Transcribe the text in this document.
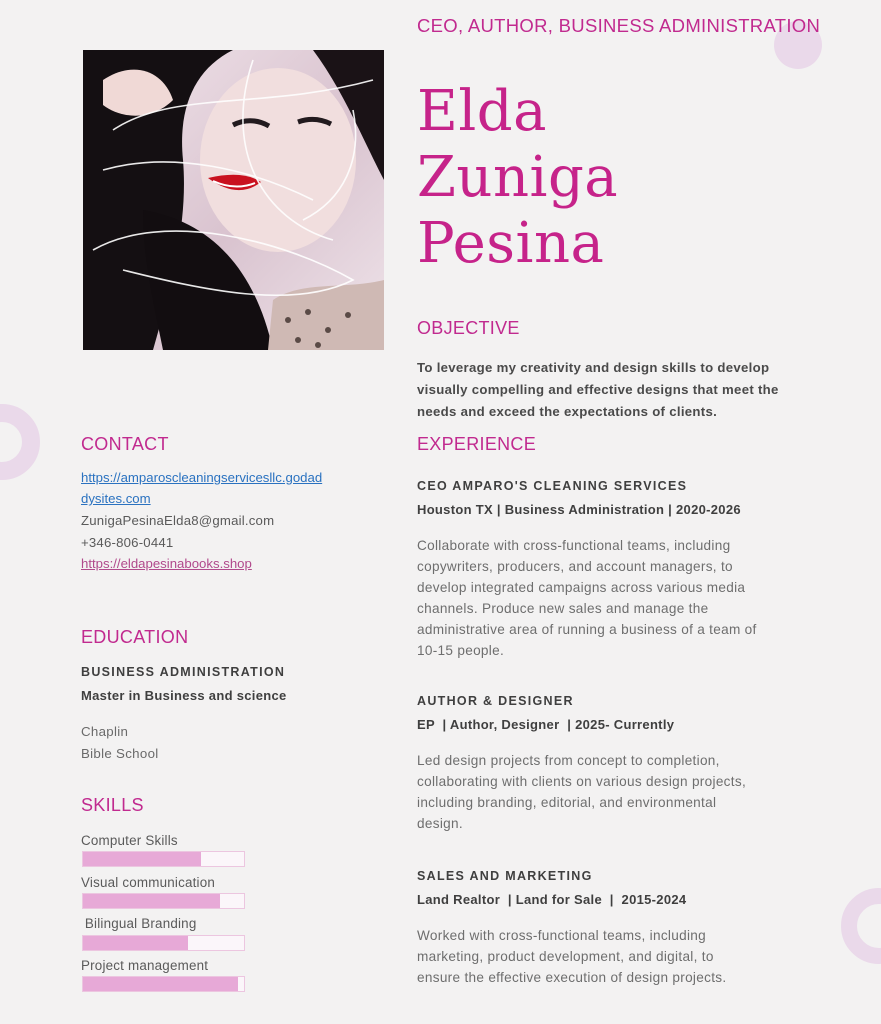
CEO, AUTHOR, BUSINESS ADMINISTRATION
Elda
Zuniga
Pesina
OBJECTIVE
To leverage my creativity and design skills to develop visually compelling and effective designs that meet the needs and exceed the expectations of clients.
CONTACT
https://amparoscleaningservicesllc.godad
dysites.com
ZunigaPesinaElda8@gmail.com
+346-806-0441
https://eldapesinabooks.shop
EDUCATION
BUSINESS ADMINISTRATION
Master in Business and science
Chaplin
Bible School
SKILLS
Computer Skills
Visual communication
Bilingual Branding
Project management
EXPERIENCE
CEO AMPARO'S CLEANING SERVICES
Houston TX | Business Administration | 2020-2026
Collaborate with cross-functional teams, including
copywriters, producers, and account managers, to
develop integrated campaigns across various media
channels. Produce new sales and manage the
administrative area of running a business of a team of
10-15 people.
AUTHOR & DESIGNER
EP  | Author, Designer  | 2025- Currently
Led design projects from concept to completion,
collaborating with clients on various design projects,
including branding, editorial, and environmental
design.
SALES AND MARKETING
Land Realtor  | Land for Sale  |  2015-2024
Worked with cross-functional teams, including
marketing, product development, and digital, to
ensure the effective execution of design projects.
